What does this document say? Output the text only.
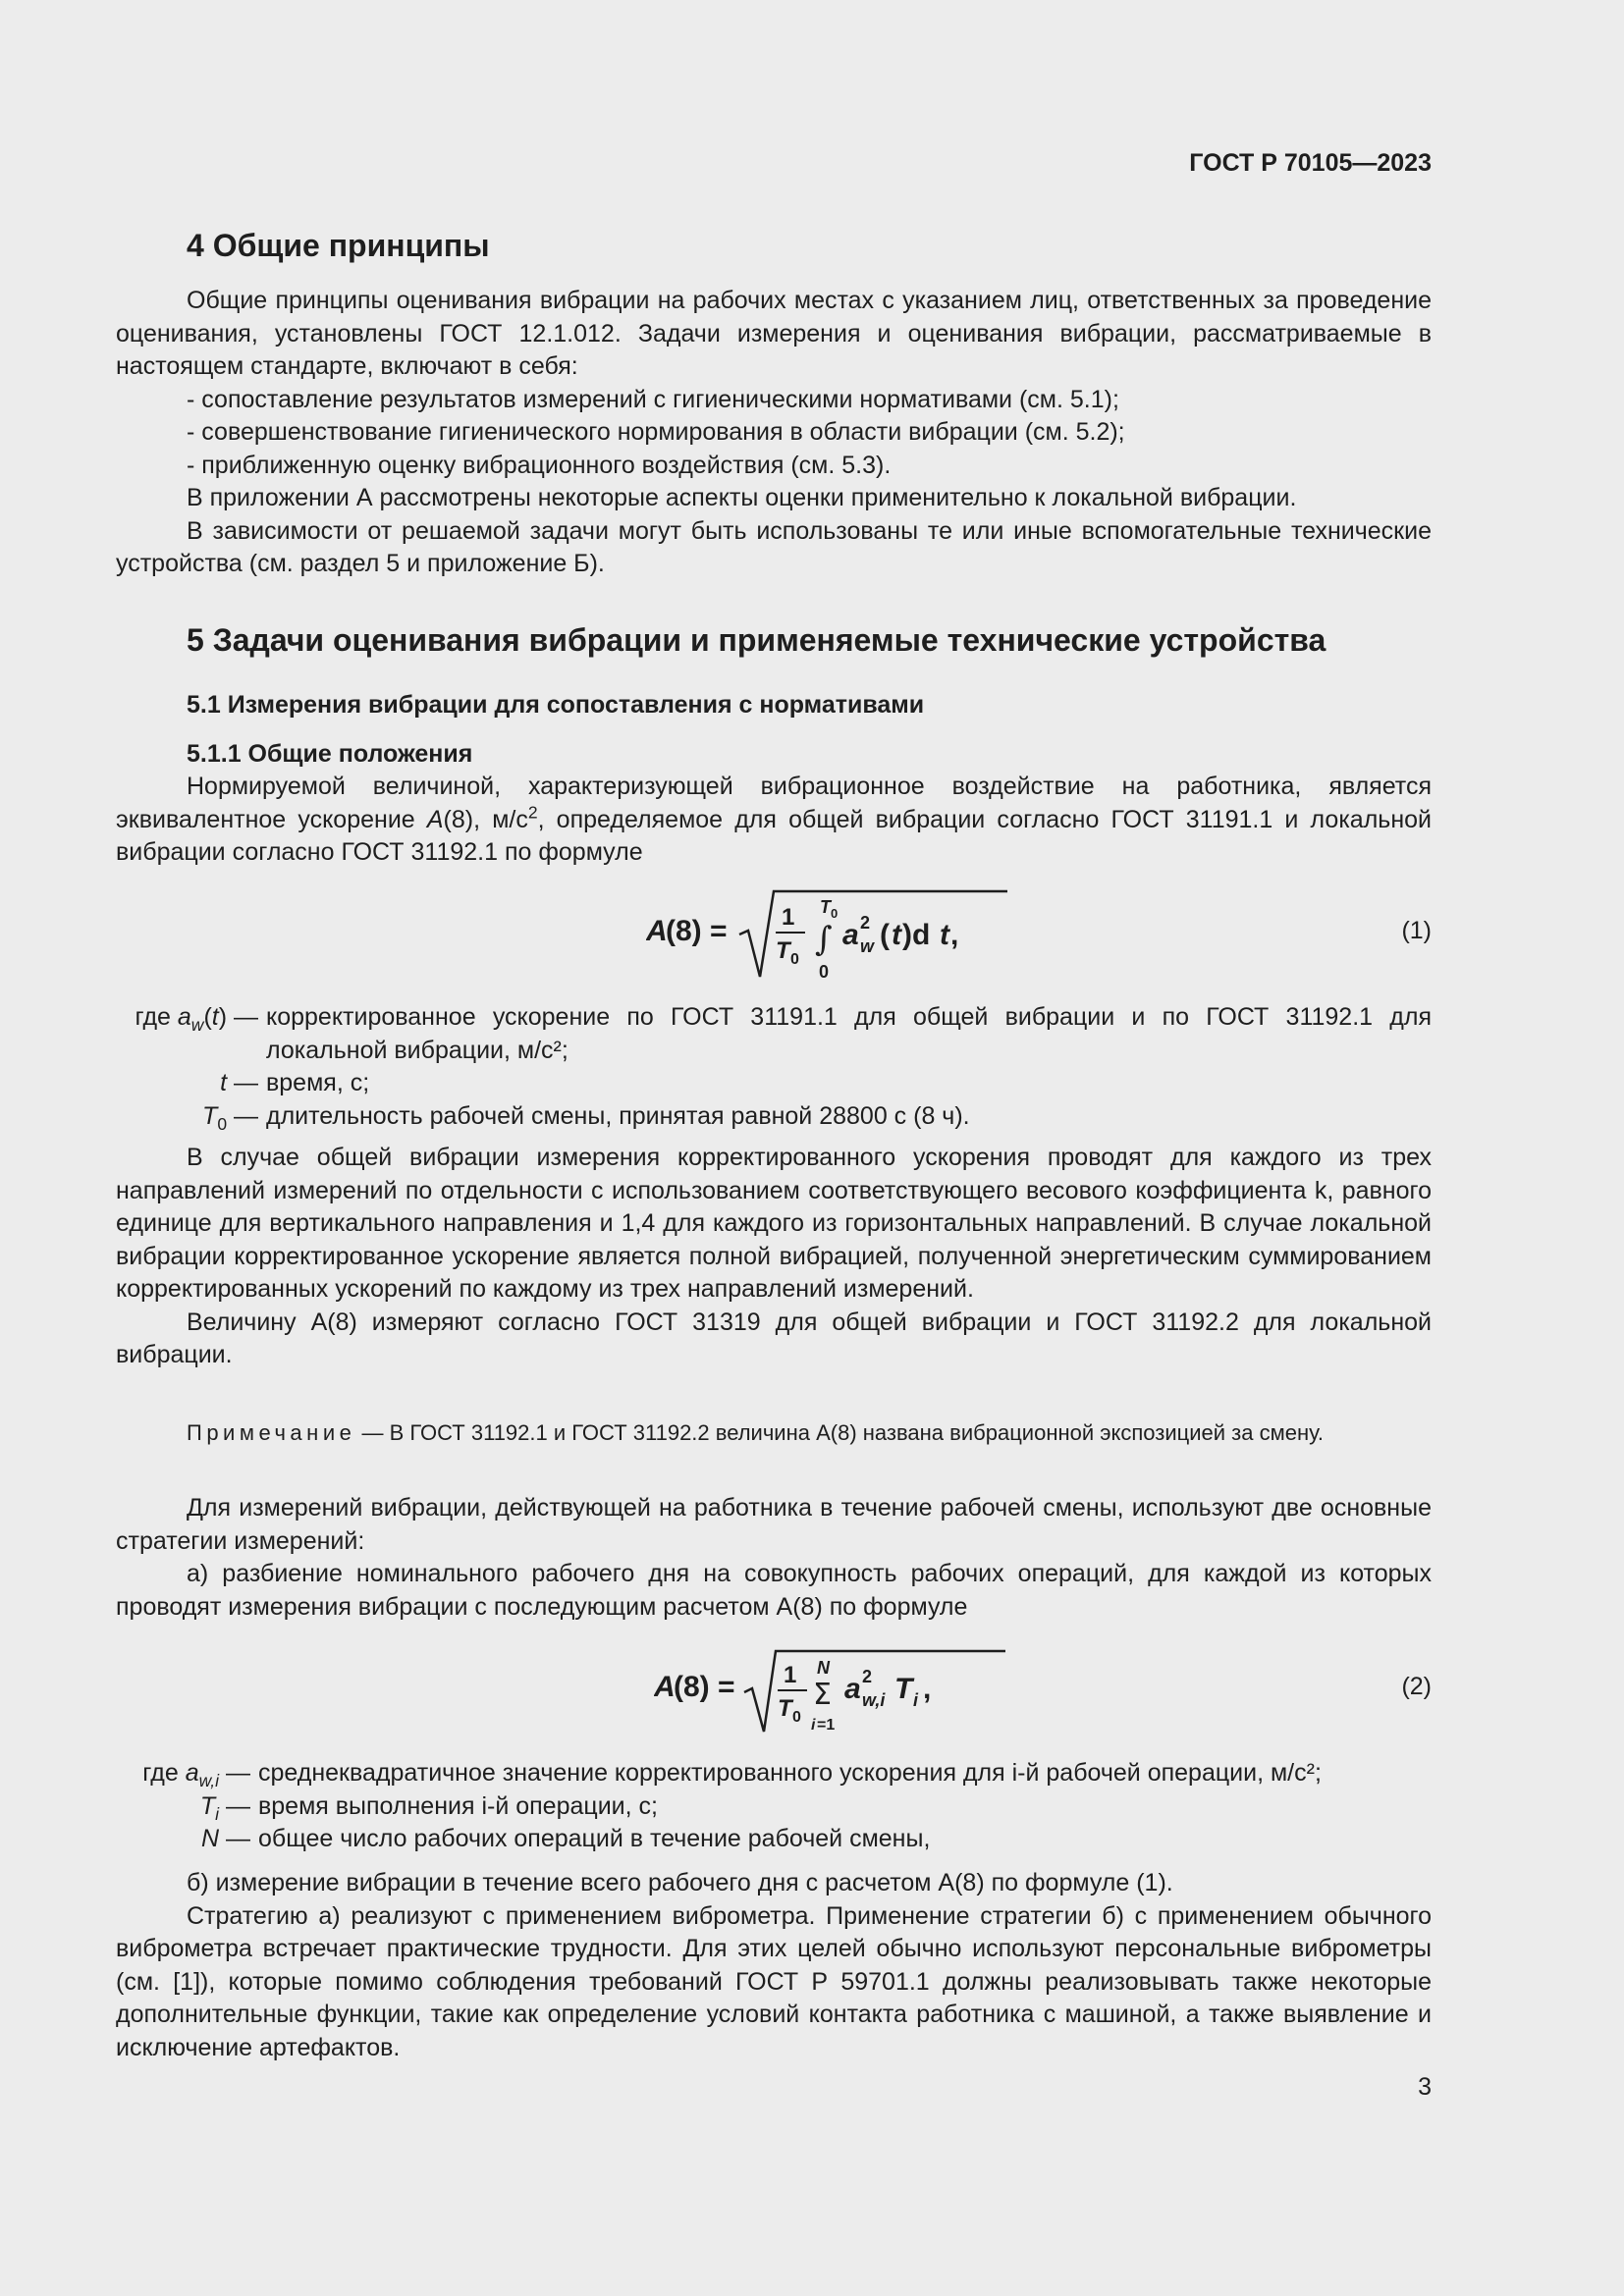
ГОСТ Р 70105—2023
4 Общие принципы

Общие принципы оценивания вибрации на рабочих местах с указанием лиц, ответственных за проведение оценивания, установлены ГОСТ 12.1.012. Задачи измерения и оценивания вибрации, рассматриваемые в настоящем стандарте, включают в себя:

- сопоставление результатов измерений с гигиеническими нормативами (см. 5.1);

- совершенствование гигиенического нормирования в области вибрации (см. 5.2);

- приближенную оценку вибрационного воздействия (см. 5.3).

В приложении А рассмотрены некоторые аспекты оценки применительно к локальной вибрации.

В зависимости от решаемой задачи могут быть использованы те или иные вспомогательные технические устройства (см. раздел 5 и приложение Б).

5 Задачи оценивания вибрации и применяемые технические устройства
5.1 Измерения вибрации для сопоставления с нормативами
5.1.1 Общие положения

Нормируемой величиной, характеризующей вибрационное воздействие на работника, является эквивалентное ускорение A(8), $м/с^2$, определяемое для общей вибрации согласно ГОСТ 31191.1 и локальной вибрации согласно ГОСТ 31192.1 по формуле

A
(8) = 1
T 0
∫
T 0
0
a 2
w ( t )d t ,	(1)
где $a_w(t)$ — корректированное ускорение по ГОСТ 31191.1 для общей вибрации и по ГОСТ 31192.1 для локальной вибрации, м/с²;
t — время, с;
$T_0$ — длительность рабочей смены, принятая равной 28800 с (8 ч).

В случае общей вибрации измерения корректированного ускорения проводят для каждого из трех направлений измерений по отдельности с использованием соответствующего весового коэффициента k, равного единице для вертикального направления и 1,4 для каждого из горизонтальных направлений. В случае локальной вибрации корректированное ускорение является полной вибрацией, полученной энергетическим суммированием корректированных ускорений по каждому из трех направлений измерений.

Величину A(8) измеряют согласно ГОСТ 31319 для общей вибрации и ГОСТ 31192.2 для локальной вибрации.

Примечание — В ГОСТ 31192.1 и ГОСТ 31192.2 величина A(8) названа вибрационной экспозицией за смену.

Для измерений вибрации, действующей на работника в течение рабочей смены, используют две основные стратегии измерений:

а) разбиение номинального рабочего дня на совокупность рабочих операций, для каждой из которых проводят измерения вибрации с последующим расчетом A(8) по формуле

A
(8) = 1
T 0
N
Σ
i =1
a 2
w,i T i ,	(2)
где $a_{w,i}$ — среднеквадратичное значение корректированного ускорения для i-й рабочей операции, м/с²;
$T_i$ — время выполнения i-й операции, с;
N — общее число рабочих операций в течение рабочей смены,

б) измерение вибрации в течение всего рабочего дня с расчетом A(8) по формуле (1).

Стратегию а) реализуют с применением виброметра. Применение стратегии б) с применением обычного виброметра встречает практические трудности. Для этих целей обычно используют персональные виброметры (см. [1]), которые помимо соблюдения требований ГОСТ Р 59701.1 должны реализовывать также некоторые дополнительные функции, такие как определение условий контакта работника с машиной, а также выявление и исключение артефактов.

3
